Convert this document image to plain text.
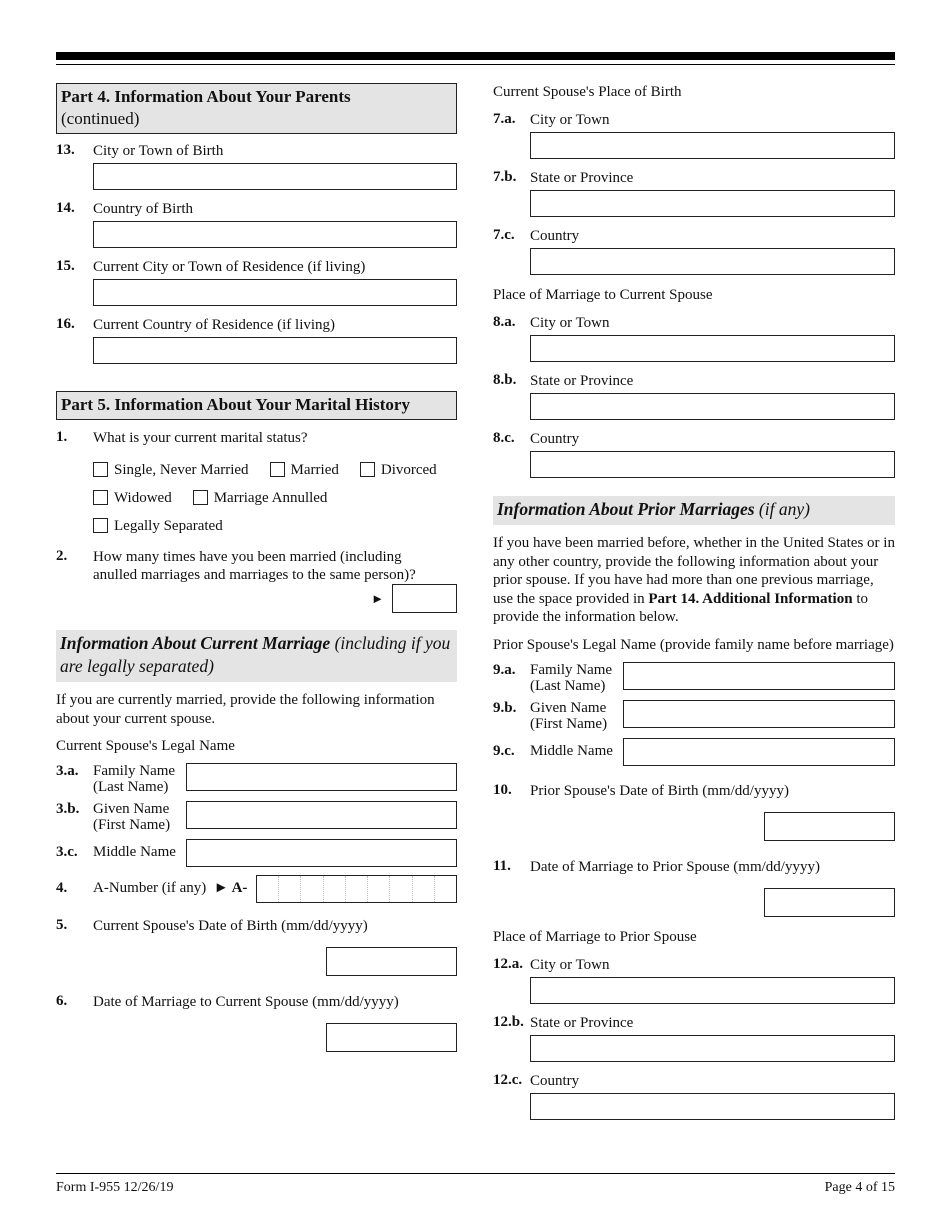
Part 4. Information About Your Parents
(continued)
13.	City or Town of Birth
14.	Country of Birth
15.	Current City or Town of Residence (if living)
16.	Current Country of Residence (if living)
Part 5. Information About Your Marital History
1.	What is your current marital status?
Single, Never Married	Married	Divorced
Widowed	Marriage Annulled
Legally Separated
2.	How many times have you been married (including anulled marriages and marriages to the same person)?
►
Information About Current Marriage (including if you are legally separated)
If you are currently married, provide the following information about your current spouse.
Current Spouse's Legal Name
3.a. Family Name
(Last Name)
3.b. Given Name
(First Name)
3.c. Middle Name
4. A-Number (if any) ► A-
5.	Current Spouse's Date of Birth (mm/dd/yyyy)
6.	Date of Marriage to Current Spouse (mm/dd/yyyy)
Current Spouse's Place of Birth
7.a. City or Town
7.b. State or Province
7.c.	Country
Place of Marriage to Current Spouse
8.a. City or Town
8.b. State or Province
8.c.	Country
Information About Prior Marriages (if any)
If you have been married before, whether in the United States or in any other country, provide the following information about your prior spouse. If you have had more than one previous marriage, use the space provided in Part 14. Additional Information to provide the information below.
Prior Spouse's Legal Name (provide family name before marriage)
9.a. Family Name
(Last Name)
9.b. Given Name
(First Name)
9.c. Middle Name
10.	Prior Spouse's Date of Birth (mm/dd/yyyy)
11.	Date of Marriage to Prior Spouse (mm/dd/yyyy)
Place of Marriage to Prior Spouse
12.a. City or Town
12.b. State or Province
12.c. Country
Form I-955 12/26/19	Page 4 of 15
